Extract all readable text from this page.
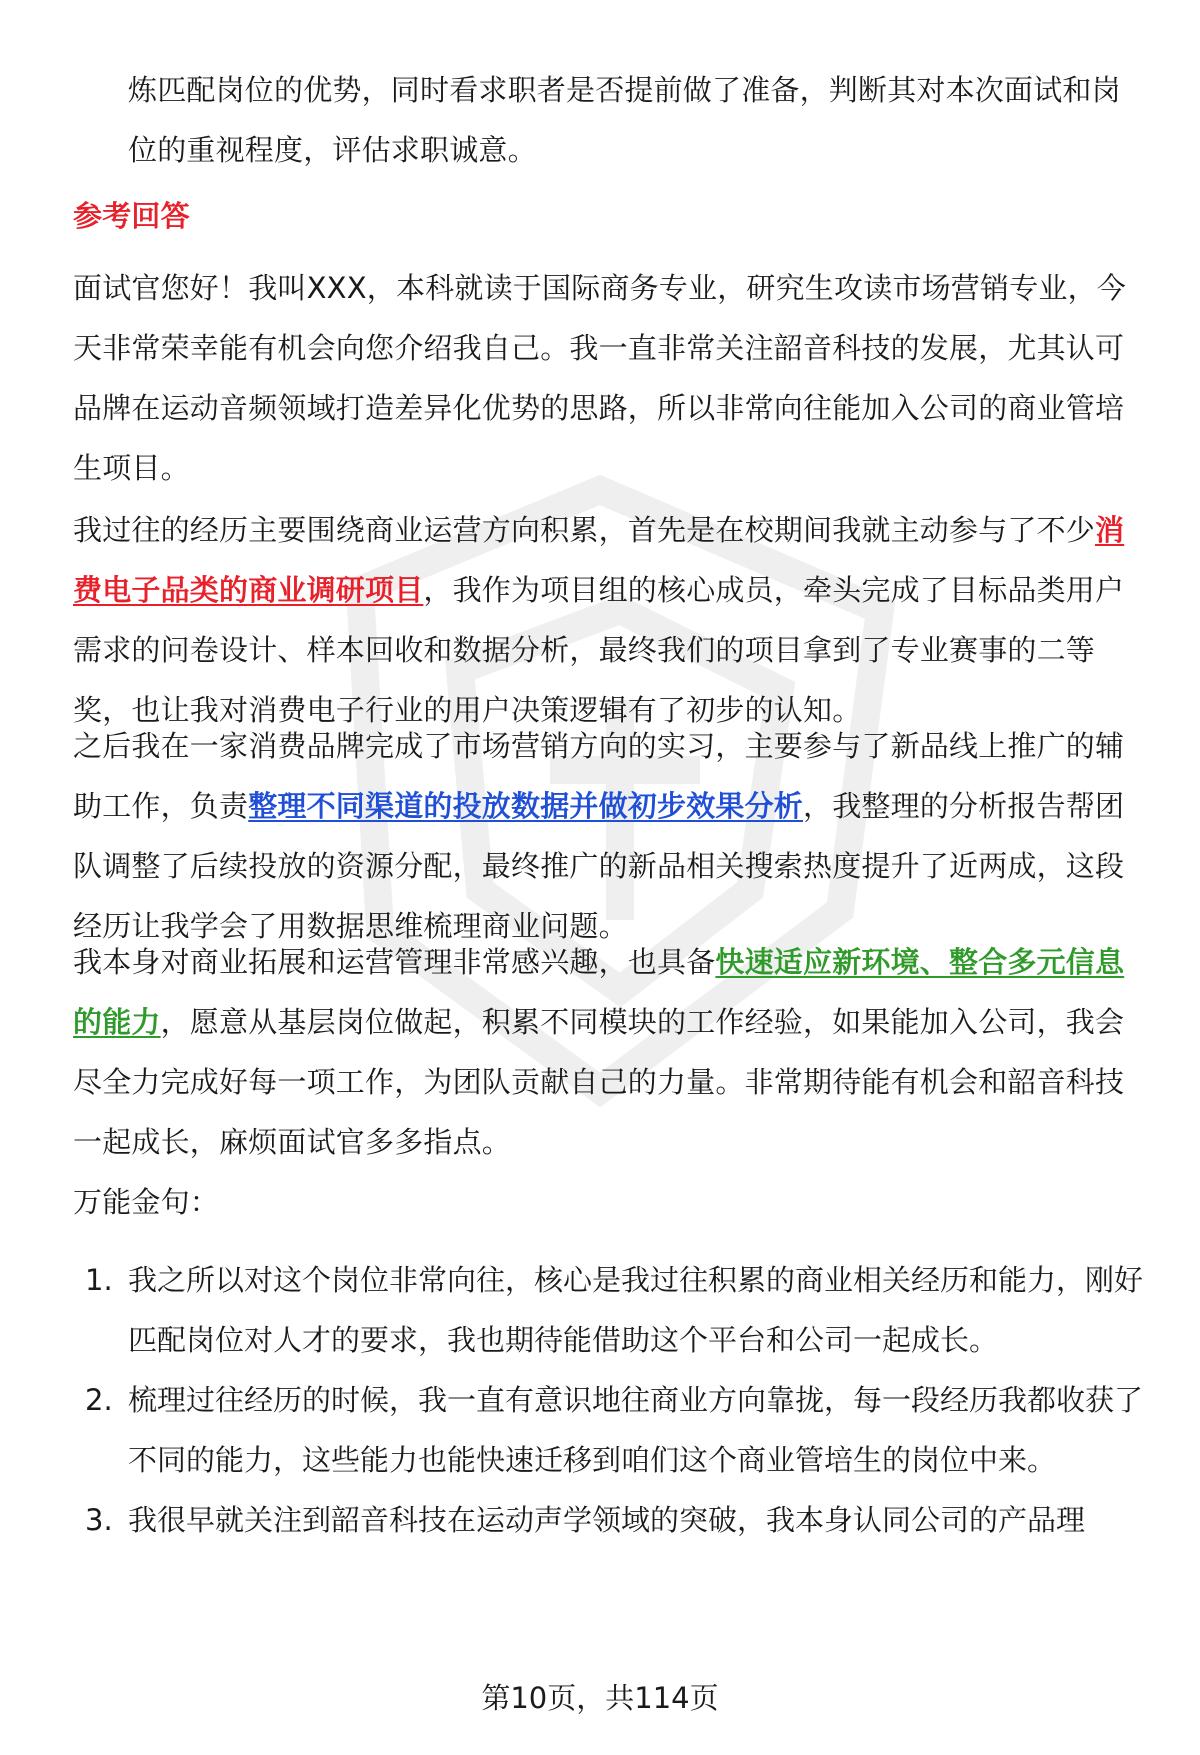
炼匹配岗位的优势，同时看求职者是否提前做了准备，判断其对本次面试和岗位的重视程度，评估求职诚意。
参考回答
面试官您好！我叫XXX，本科就读于国际商务专业，研究生攻读市场营销专业，今天非常荣幸能有机会向您介绍我自己。我一直非常关注韶音科技的发展，尤其认可品牌在运动音频领域打造差异化优势的思路，所以非常向往能加入公司的商业管培生项目。
我过往的经历主要围绕商业运营方向积累，首先是在校期间我就主动参与了不少消费电子品类的商业调研项目，我作为项目组的核心成员，牵头完成了目标品类用户需求的问卷设计、样本回收和数据分析，最终我们的项目拿到了专业赛事的二等奖，也让我对消费电子行业的用户决策逻辑有了初步的认知。
之后我在一家消费品牌完成了市场营销方向的实习，主要参与了新品线上推广的辅助工作，负责整理不同渠道的投放数据并做初步效果分析，我整理的分析报告帮团队调整了后续投放的资源分配，最终推广的新品相关搜索热度提升了近两成，这段经历让我学会了用数据思维梳理商业问题。
我本身对商业拓展和运营管理非常感兴趣，也具备快速适应新环境、整合多元信息的能力，愿意从基层岗位做起，积累不同模块的工作经验，如果能加入公司，我会尽全力完成好每一项工作，为团队贡献自己的力量。非常期待能有机会和韶音科技一起成长，麻烦面试官多多指点。
万能金句：
1. 我之所以对这个岗位非常向往，核心是我过往积累的商业相关经历和能力，刚好匹配岗位对人才的要求，我也期待能借助这个平台和公司一起成长。
2. 梳理过往经历的时候，我一直有意识地往商业方向靠拢，每一段经历我都收获了不同的能力，这些能力也能快速迁移到咱们这个商业管培生的岗位中来。
3. 我很早就关注到韶音科技在运动声学领域的突破，我本身认同公司的产品理
第10页，共114页
